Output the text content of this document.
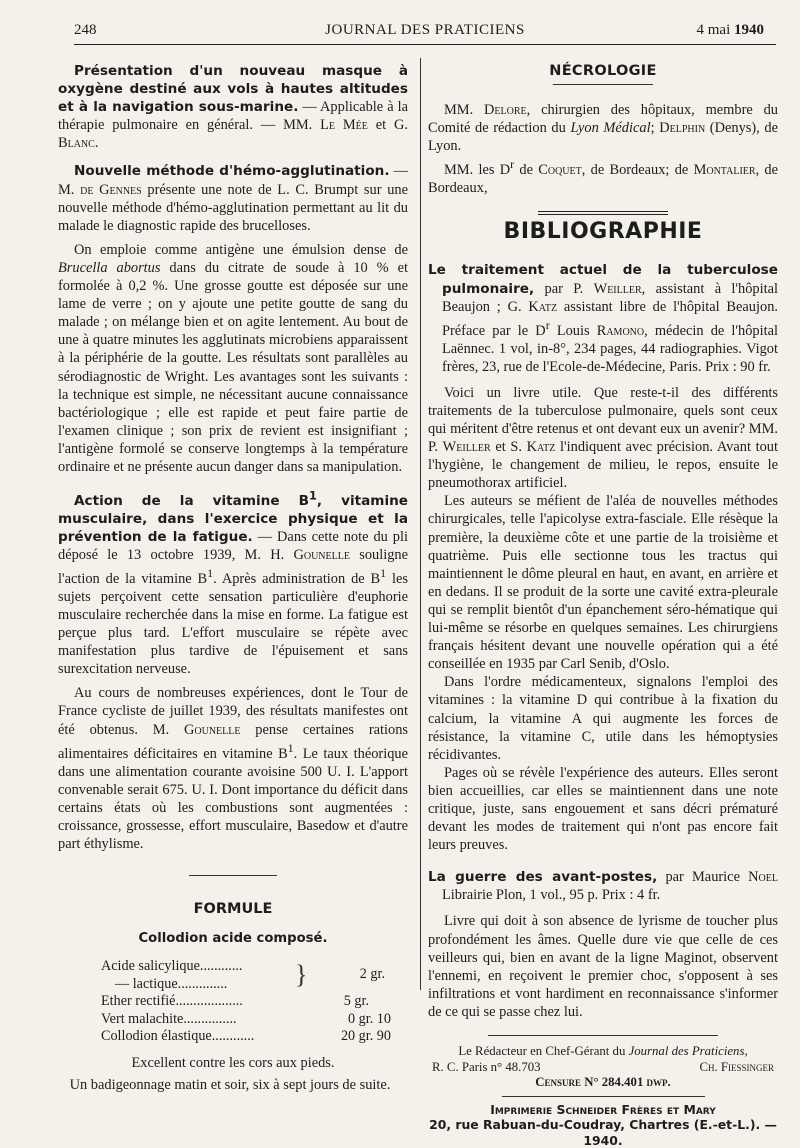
248	JOURNAL DES PRATICIENS	4 mai 1940

Présentation d'un nouveau masque à oxygène destiné aux vols à hautes altitudes et à la navigation sous-marine. — Applicable à la thérapie pulmonaire en général. — MM. Le Mée et G. Blanc.

Nouvelle méthode d'hémo-agglutination. — M. de Gennes présente une note de L. C. Brumpt sur une nouvelle méthode d'hémo-agglutination permettant au lit du malade le diagnostic rapide des brucelloses.

On emploie comme antigène une émulsion dense de Brucella abortus dans du citrate de soude à 10 % et formolée à 0,2 %. Une grosse goutte est déposée sur une lame de verre ; on y ajoute une petite goutte de sang du malade ; on mélange bien et on agite lentement. Au bout de une à quatre minutes les agglutinats microbiens apparaissent à la périphérie de la goutte. Les résultats sont parallèles au sérodiagnostic de Wright. Les avantages sont les suivants : la technique est simple, ne nécessitant aucune connaissance bactériologique ; elle est rapide et peut faire partie de l'examen clinique ; son prix de revient est insignifiant ; l'antigène formolé se conserve longtemps à la température ordinaire et ne présente aucun danger dans sa manipulation.

Action de la vitamine $B^1$, vitamine musculaire, dans l'exercice physique et la prévention de la fatigue. — Dans cette note du pli déposé le 13 octobre 1939, M. H. Gounelle souligne l'action de la vitamine $B^1$. Après administration de $B^1$ les sujets perçoivent cette sensation particulière d'euphorie musculaire recherchée dans la mise en forme. La fatigue est perçue plus tard. L'effort musculaire se répète avec manifestation plus tardive de l'épuisement et sans surexcitation nerveuse.

Au cours de nombreuses expériences, dont le Tour de France cycliste de juillet 1939, des résultats manifestes ont été obtenus. M. Gounelle pense certaines rations alimentaires déficitaires en vitamine $B^1$. Le taux théorique dans une alimentation courante avoisine 500 U. I. L'apport convenable serait 675. U. I. Dont importance du déficit dans certains états où les combustions sont augmentées : croissance, grossesse, effort musculaire, Basedow et d'autre part éthylisme.

FORMULE
Collodion acide composé.
Acide salicylique............
— lactique..............	}	2 gr.
Ether rectifié...................	5 gr.
Vert malachite...............	0 gr. 10
Collodion élastique............	20 gr. 90

Excellent contre les cors aux pieds.

Un badigeonnage matin et soir, six à sept jours de suite.

NÉCROLOGIE

MM. Delore, chirurgien des hôpitaux, membre du Comité de rédaction du Lyon Médical; Delphin (Denys), de Lyon.

MM. les $D^r$ de Coquet, de Bordeaux; de Montalier, de Bordeaux,

BIBLIOGRAPHIE

Le traitement actuel de la tuberculose pulmonaire, par P. Weiller, assistant à l'hôpital Beaujon ; G. Katz assistant libre de l'hôpital Beaujon. Préface par le $D^r$ Louis Ramono, médecin de l'hôpital Laënnec. 1 vol, in-8°, 234 pages, 44 radiographies. Vigot frères, 23, rue de l'Ecole-de-Médecine, Paris. Prix : 90 fr.

Voici un livre utile. Que reste-t-il des différents traitements de la tuberculose pulmonaire, quels sont ceux qui méritent d'être retenus et ont devant eux un avenir? MM. P. Weiller et S. Katz l'indiquent avec précision. Avant tout l'hygiène, le changement de milieu, le repos, ensuite le pneumothorax artificiel.

Les auteurs se méfient de l'aléa de nouvelles méthodes chirurgicales, telle l'apicolyse extra-fasciale. Elle résèque la première, la deuxième côte et une partie de la troisième et quatrième. Puis elle sectionne tous les tractus qui maintiennent le dôme pleural en haut, en avant, en arrière et en dedans. Il se produit de la sorte une cavité extra-pleurale qui se remplit bientôt d'un épanchement séro-hématique qui lui-même se résorbe en quelques semaines. Les chirurgiens français hésitent devant une nouvelle opération qui a été conseillée en 1935 par Carl Senib, d'Oslo.

Dans l'ordre médicamenteux, signalons l'emploi des vitamines : la vitamine D qui contribue à la fixation du calcium, la vitamine A qui augmente les forces de résistance, la vitamine C, utile dans les hémoptysies récidivantes.

Pages où se révèle l'expérience des auteurs. Elles seront bien accueillies, car elles se maintiennent dans une note critique, juste, sans engouement et sans décri prématuré devant les modes de traitement qui n'ont pas encore fait leurs preuves.

La guerre des avant-postes, par Maurice Noel Librairie Plon, 1 vol., 95 p. Prix : 4 fr.

Livre qui doit à son absence de lyrisme de toucher plus profondément les âmes. Quelle dure vie que celle de ces veilleurs qui, bien en avant de la ligne Maginot, observent l'ennemi, en reçoivent le premier choc, s'opposent à ses infiltrations et vont hardiment en reconnaissance s'informer de ce qui se passe chez lui.

Le Rédacteur en Chef-Gérant du Journal des Praticiens,
R. C. Paris n° 48.703	Ch. Fiessinger
Censure N° 284.401 dwp.
Imprimerie Schneider Frères et Mary
20, rue Rabuan-du-Coudray, Chartres (E.-et-L.). — 1940.
